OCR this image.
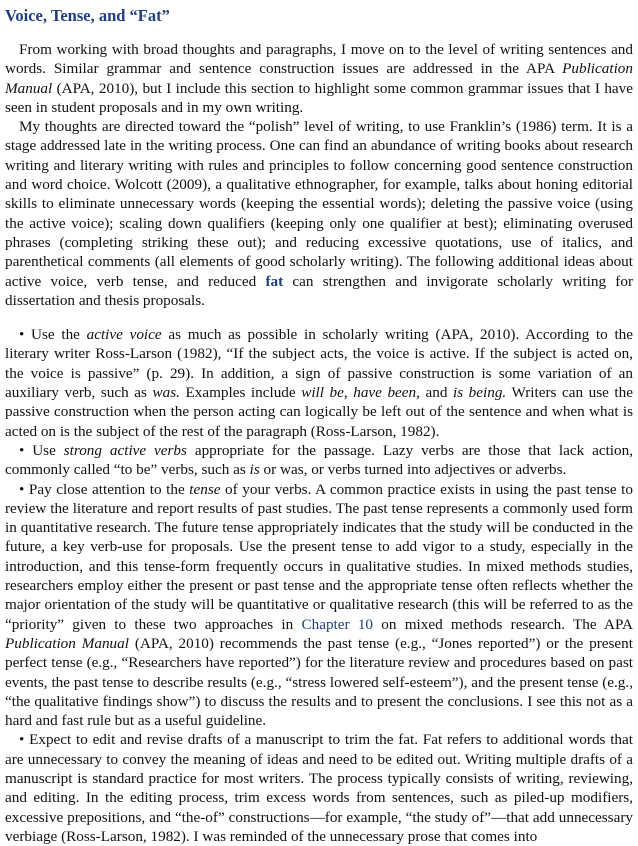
Voice, Tense, and “Fat”

From working with broad thoughts and paragraphs, I move on to the level of writing sentences and words. Similar grammar and sentence construction issues are addressed in the APA Publication Manual (APA, 2010), but I include this section to highlight some common grammar issues that I have seen in student proposals and in my own writing.

My thoughts are directed toward the “polish” level of writing, to use Franklin’s (1986) term. It is a stage addressed late in the writing process. One can find an abundance of writing books about research writing and literary writing with rules and principles to follow concerning good sentence construction and word choice. Wolcott (2009), a qualitative ethnographer, for example, talks about honing editorial skills to eliminate unnecessary words (keeping the essential words); deleting the passive voice (using the active voice); scaling down qualifiers (keeping only one qualifier at best); eliminating overused phrases (completing striking these out); and reducing excessive quotations, use of italics, and parenthetical comments (all elements of good scholarly writing). The following additional ideas about active voice, verb tense, and reduced fat can strengthen and invigorate scholarly writing for dissertation and thesis proposals.

• Use the active voice as much as possible in scholarly writing (APA, 2010). According to the literary writer Ross-Larson (1982), “If the subject acts, the voice is active. If the subject is acted on, the voice is passive” (p. 29). In addition, a sign of passive construction is some variation of an auxiliary verb, such as was. Examples include will be, have been, and is being. Writers can use the passive construction when the person acting can logically be left out of the sentence and when what is acted on is the subject of the rest of the paragraph (Ross-Larson, 1982).

• Use strong active verbs appropriate for the passage. Lazy verbs are those that lack action, commonly called “to be” verbs, such as is or was, or verbs turned into adjectives or adverbs.

• Pay close attention to the tense of your verbs. A common practice exists in using the past tense to review the literature and report results of past studies. The past tense represents a commonly used form in quantitative research. The future tense appropriately indicates that the study will be conducted in the future, a key verb-use for proposals. Use the present tense to add vigor to a study, especially in the introduction, and this tense-form frequently occurs in qualitative studies. In mixed methods studies, researchers employ either the present or past tense and the appropriate tense often reflects whether the major orientation of the study will be quantitative or qualitative research (this will be referred to as the “priority” given to these two approaches in Chapter 10 on mixed methods research. The APA Publication Manual (APA, 2010) recommends the past tense (e.g., “Jones reported”) or the present perfect tense (e.g., “Researchers have reported”) for the literature review and procedures based on past events, the past tense to describe results (e.g., “stress lowered self-esteem”), and the present tense (e.g., “the qualitative findings show”) to discuss the results and to present the conclusions. I see this not as a hard and fast rule but as a useful guideline.

• Expect to edit and revise drafts of a manuscript to trim the fat. Fat refers to additional words that are unnecessary to convey the meaning of ideas and need to be edited out. Writing multiple drafts of a manuscript is standard practice for most writers. The process typically consists of writing, reviewing, and editing. In the editing process, trim excess words from sentences, such as piled-up modifiers, excessive prepositions, and “the-of” constructions—for example, “the study of”—that add unnecessary verbiage (Ross-Larson, 1982). I was reminded of the unnecessary prose that comes into
